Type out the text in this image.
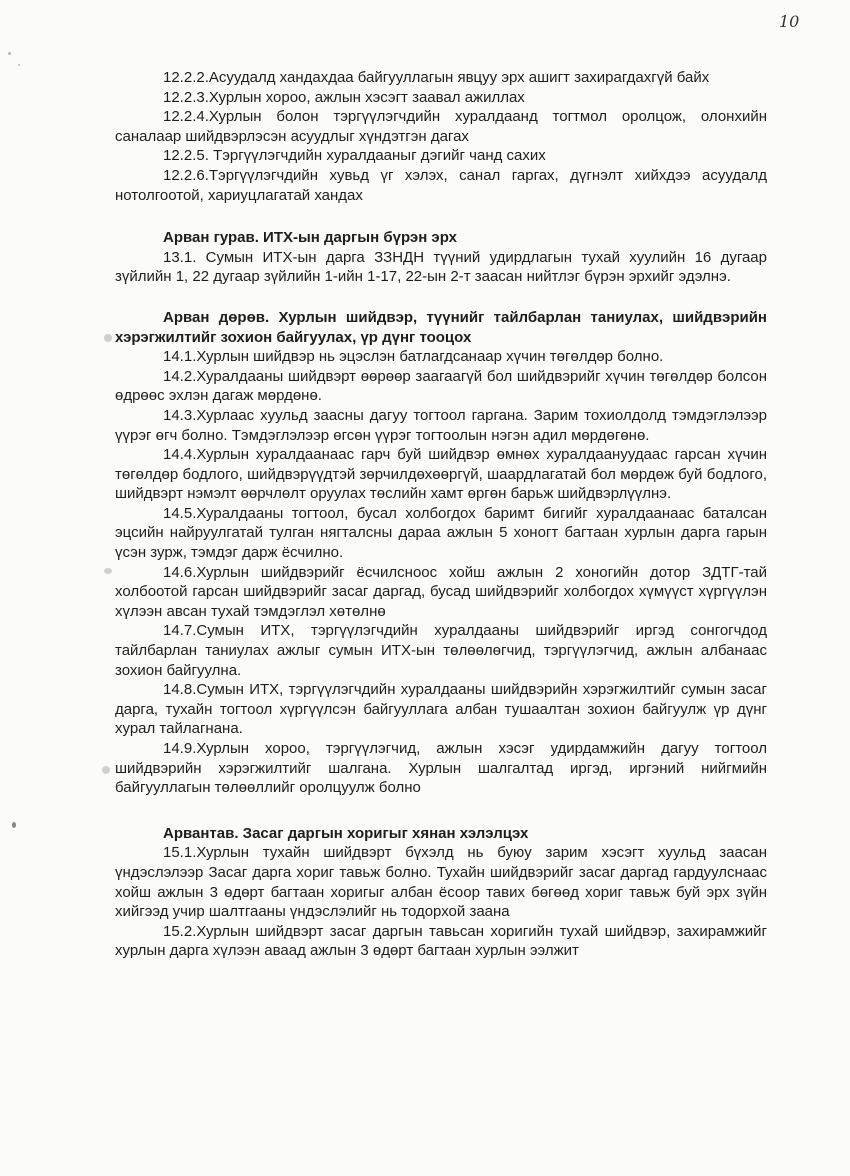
10

12.2.2.Асуудалд хандахдаа байгууллагын явцуу эрх ашигт захирагдахгүй байх

12.2.3.Хурлын хороо, ажлын хэсэгт заавал ажиллах

12.2.4.Хурлын болон тэргүүлэгчдийн хуралдаанд тогтмол оролцож, олонхийн саналаар шийдвэрлэсэн асуудлыг хүндэтгэн дагах

12.2.5. Тэргүүлэгчдийн хуралдааныг дэгийг чанд сахих

12.2.6.Тэргүүлэгчдийн хувьд үг хэлэх, санал гаргах, дүгнэлт хийхдээ асуудалд нотолгоотой, хариуцлагатай хандах

Арван гурав. ИТХ-ын даргын бүрэн эрх

13.1. Сумын ИТХ-ын дарга ЗЗНДН түүний удирдлагын тухай хуулийн 16 дугаар зүйлийн 1, 22 дугаар зүйлийн 1-ийн 1-17, 22-ын 2-т заасан нийтлэг бүрэн эрхийг эдэлнэ.

Арван дөрөв. Хурлын шийдвэр, түүнийг тайлбарлан таниулах, шийдвэрийн хэрэгжилтийг зохион байгуулах, үр дүнг тооцох

14.1.Хурлын шийдвэр нь эцэслэн батлагдсанаар хүчин төгөлдөр болно.

14.2.Хуралдааны шийдвэрт өөрөөр заагаагүй бол шийдвэрийг хүчин төгөлдөр болсон өдрөөс эхлэн дагаж мөрдөнө.

14.3.Хурлаас хуульд заасны дагуу тогтоол гаргана. Зарим тохиолдолд тэмдэглэлээр үүрэг өгч болно. Тэмдэглэлээр өгсөн үүрэг тогтоолын нэгэн адил мөрдөгөнө.

14.4.Хурлын хуралдаанаас гарч буй шийдвэр өмнөх хуралдаануудаас гарсан хүчин төгөлдөр бодлого, шийдвэрүүдтэй зөрчилдөхөөргүй, шаардлагатай бол мөрдөж буй бодлого, шийдвэрт нэмэлт өөрчлөлт оруулах төслийн хамт өргөн барьж шийдвэрлүүлнэ.

14.5.Хуралдааны тогтоол, бусал холбогдох баримт бигийг хуралдаанаас баталсан эцсийн найруулгатай тулган нягталсны дараа ажлын 5 хоногт багтаан хурлын дарга гарын үсэн зурж, тэмдэг дарж ёсчилно.

14.6.Хурлын шийдвэрийг ёсчилсноос хойш ажлын 2 хоногийн дотор ЗДТГ-тай холбоотой гарсан шийдвэрийг засаг даргад, бусад шийдвэрийг холбогдох хүмүүст хүргүүлэн хүлээн авсан тухай тэмдэглэл хөтөлнө

14.7.Сумын ИТХ, тэргүүлэгчдийн хуралдааны шийдвэрийг иргэд сонгогчдод тайлбарлан таниулах ажлыг сумын ИТХ-ын төлөөлөгчид, тэргүүлэгчид, ажлын албанаас зохион байгуулна.

14.8.Сумын ИТХ, тэргүүлэгчдийн хуралдааны шийдвэрийн хэрэгжилтийг сумын засаг дарга, тухайн тогтоол хүргүүлсэн байгууллага албан тушаалтан зохион байгуулж үр дүнг хурал тайлагнана.

14.9.Хурлын хороо, тэргүүлэгчид, ажлын хэсэг удирдамжийн дагуу тогтоол шийдвэрийн хэрэгжилтийг шалгана. Хурлын шалгалтад иргэд, иргэний нийгмийн байгууллагын төлөөллийг оролцуулж болно

Арвантав. Засаг даргын хоригыг хянан хэлэлцэх

15.1.Хурлын тухайн шийдвэрт бүхэлд нь буюу зарим хэсэгт хуульд заасан үндэслэлээр Засаг дарга хориг тавьж болно. Тухайн шийдвэрийг засаг даргад гардуулснаас хойш ажлын 3 өдөрт багтаан хоригыг албан ёсоор тавих бөгөөд хориг тавьж буй эрх зүйн хийгээд учир шалтгааны үндэслэлийг нь тодорхой заана

15.2.Хурлын шийдвэрт засаг даргын тавьсан хоригийн тухай шийдвэр, захирамжийг хурлын дарга хүлээн аваад ажлын 3 өдөрт багтаан хурлын ээлжит
